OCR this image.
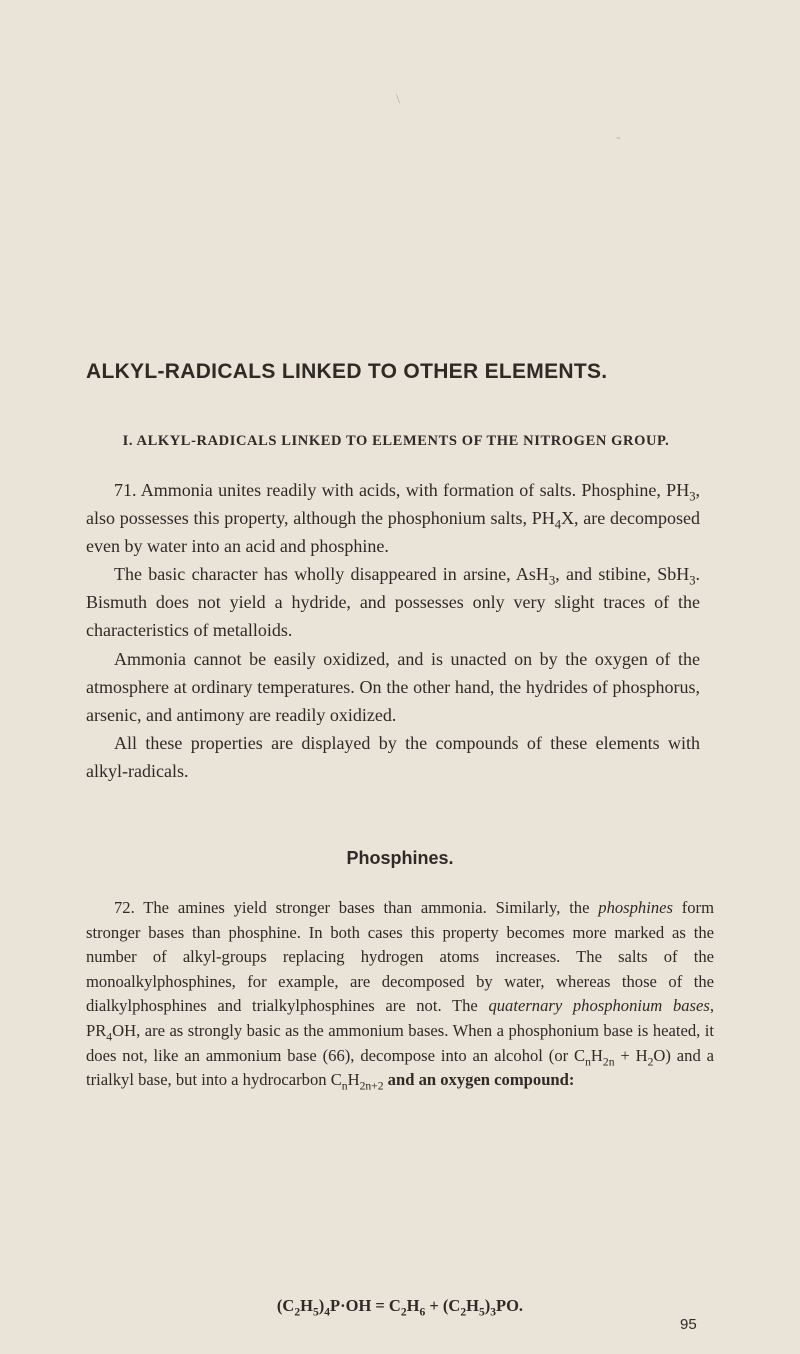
\
-
ALKYL-RADICALS LINKED TO OTHER ELEMENTS.
I. ALKYL-RADICALS LINKED TO ELEMENTS OF THE NITROGEN GROUP.

71. Ammonia unites readily with acids, with formation of salts. Phosphine, $PH_3$, also possesses this property, although the phosphonium salts, $PH_4X$, are decomposed even by water into an acid and phosphine.

The basic character has wholly disappeared in arsine, AsH$_3$, and stibine, SbH$_3$. Bismuth does not yield a hydride, and possesses only very slight traces of the characteristics of metalloids.

Ammonia cannot be easily oxidized, and is unacted on by the oxygen of the atmosphere at ordinary temperatures. On the other hand, the hydrides of phosphorus, arsenic, and antimony are readily oxidized.

All these properties are displayed by the compounds of these elements with alkyl-radicals.

Phosphines.

72. The amines yield stronger bases than ammonia. Similarly, the phosphines form stronger bases than phosphine. In both cases this property becomes more marked as the number of alkyl-groups replacing hydrogen atoms increases. The salts of the monoalkylphosphines, for example, are decomposed by water, whereas those of the dialkylphosphines and trialkylphosphines are not. The quaternary phosphonium bases, $PR_4OH$, are as strongly basic as the ammonium bases. When a phosphonium base is heated, it does not, like an ammonium base (66), decompose into an alcohol (or $C_nH_{2n} + H_2O$) and a trialkyl base, but into a hydrocarbon $C_nH_{2n+2}$ and an oxygen compound:

$(C_2H_5)_4P\cdot OH = C_2H_6 + (C_2H_5)_3PO$.
95
